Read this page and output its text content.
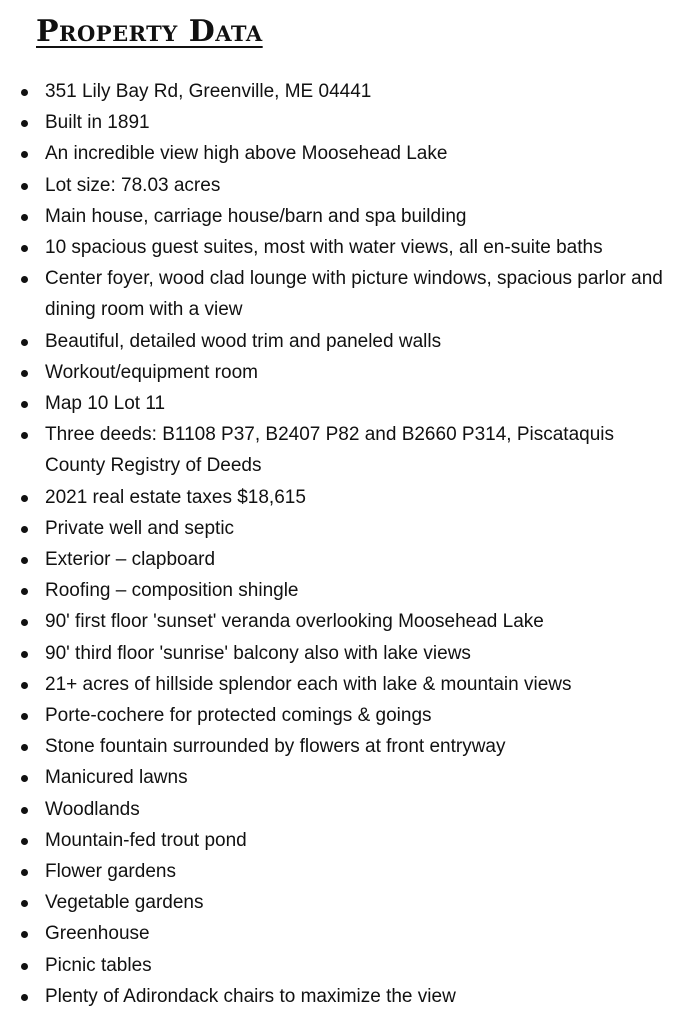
Property Data
351 Lily Bay Rd, Greenville, ME 04441
Built in 1891
An incredible view high above Moosehead Lake
Lot size: 78.03 acres
Main house, carriage house/barn and spa building
10 spacious guest suites, most with water views, all en-suite baths
Center foyer, wood clad lounge with picture windows, spacious parlor and dining room with a view
Beautiful, detailed wood trim and paneled walls
Workout/equipment room
Map 10 Lot 11
Three deeds: B1108 P37, B2407 P82 and B2660 P314, Piscataquis County Registry of Deeds
2021 real estate taxes $18,615
Private well and septic
Exterior – clapboard
Roofing – composition shingle
90' first floor 'sunset' veranda overlooking Moosehead Lake
90' third floor 'sunrise' balcony also with lake views
21+ acres of hillside splendor each with lake & mountain views
Porte-cochere for protected comings & goings
Stone fountain surrounded by flowers at front entryway
Manicured lawns
Woodlands
Mountain-fed trout pond
Flower gardens
Vegetable gardens
Greenhouse
Picnic tables
Plenty of Adirondack chairs to maximize the view
